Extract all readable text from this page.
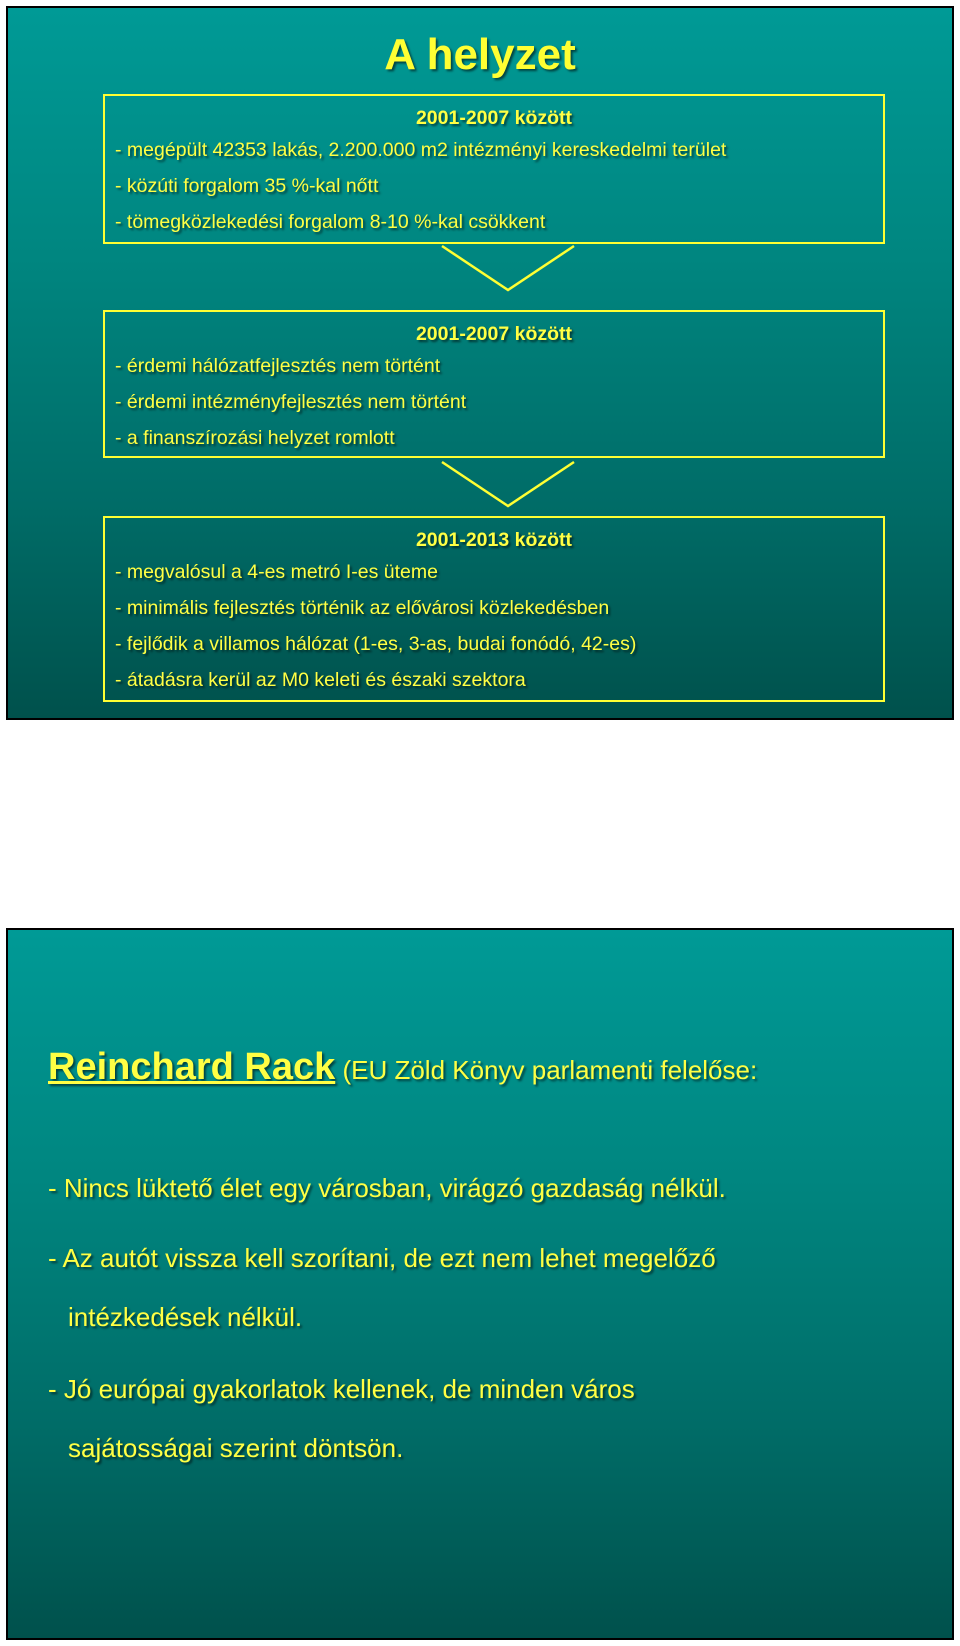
A helyzet
2001-2007 között
- megépült 42353 lakás, 2.200.000 m2 intézményi kereskedelmi terület
- közúti forgalom 35 %-kal nőtt
- tömegközlekedési forgalom 8-10 %-kal csökkent
2001-2007 között
- érdemi hálózatfejlesztés nem történt
- érdemi intézményfejlesztés nem történt
- a finanszírozási helyzet romlott
2001-2013 között
- megvalósul a 4-es metró I-es üteme
- minimális fejlesztés történik az elővárosi közlekedésben
- fejlődik a villamos hálózat (1-es, 3-as, budai fonódó, 42-es)
- átadásra kerül az M0 keleti és északi szektora
Reinchard Rack (EU Zöld Könyv parlamenti felelőse:
- Nincs lüktető élet egy városban, virágzó gazdaság nélkül.
- Az autót vissza kell szorítani, de ezt nem lehet megelőző
intézkedések nélkül.
- Jó európai gyakorlatok kellenek, de minden város
sajátosságai szerint döntsön.
